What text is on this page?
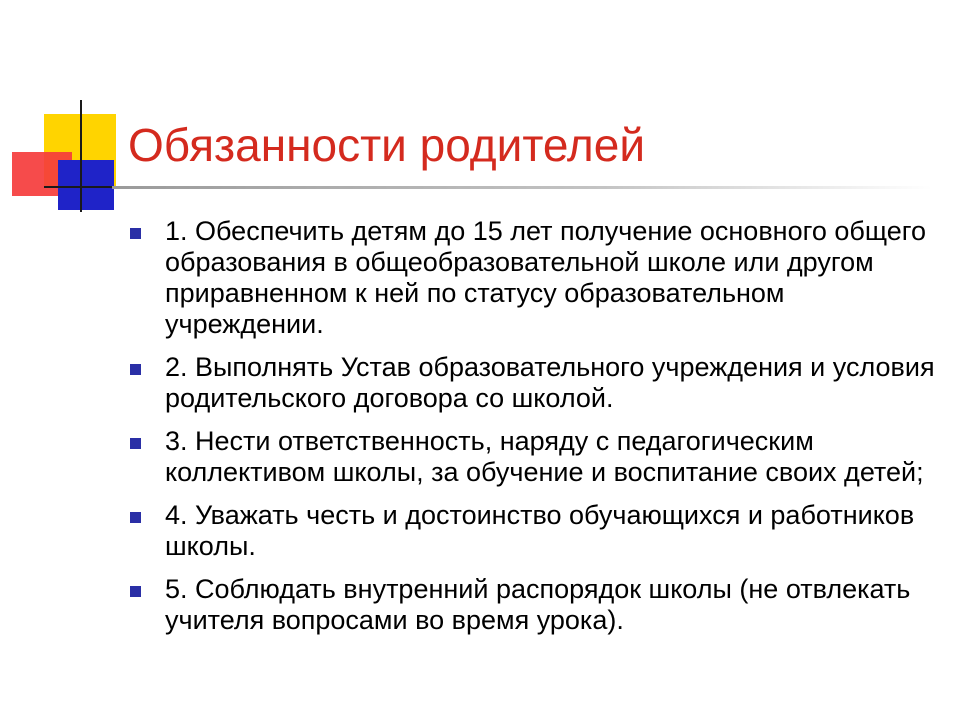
Обязанности родителей
1. Обеспечить детям до 15 лет получение основного общего образования в общеобразовательной школе или другом приравненном к ней по статусу образовательном учреждении.
2. Выполнять Устав образовательного учреждения и условия родительского договора со школой.
3. Нести ответственность, наряду с педагогическим коллективом школы, за обучение и воспитание своих детей;
4. Уважать честь и достоинство обучающихся и работников школы.
5. Соблюдать внутренний распорядок школы (не отвлекать учителя вопросами во время урока).
